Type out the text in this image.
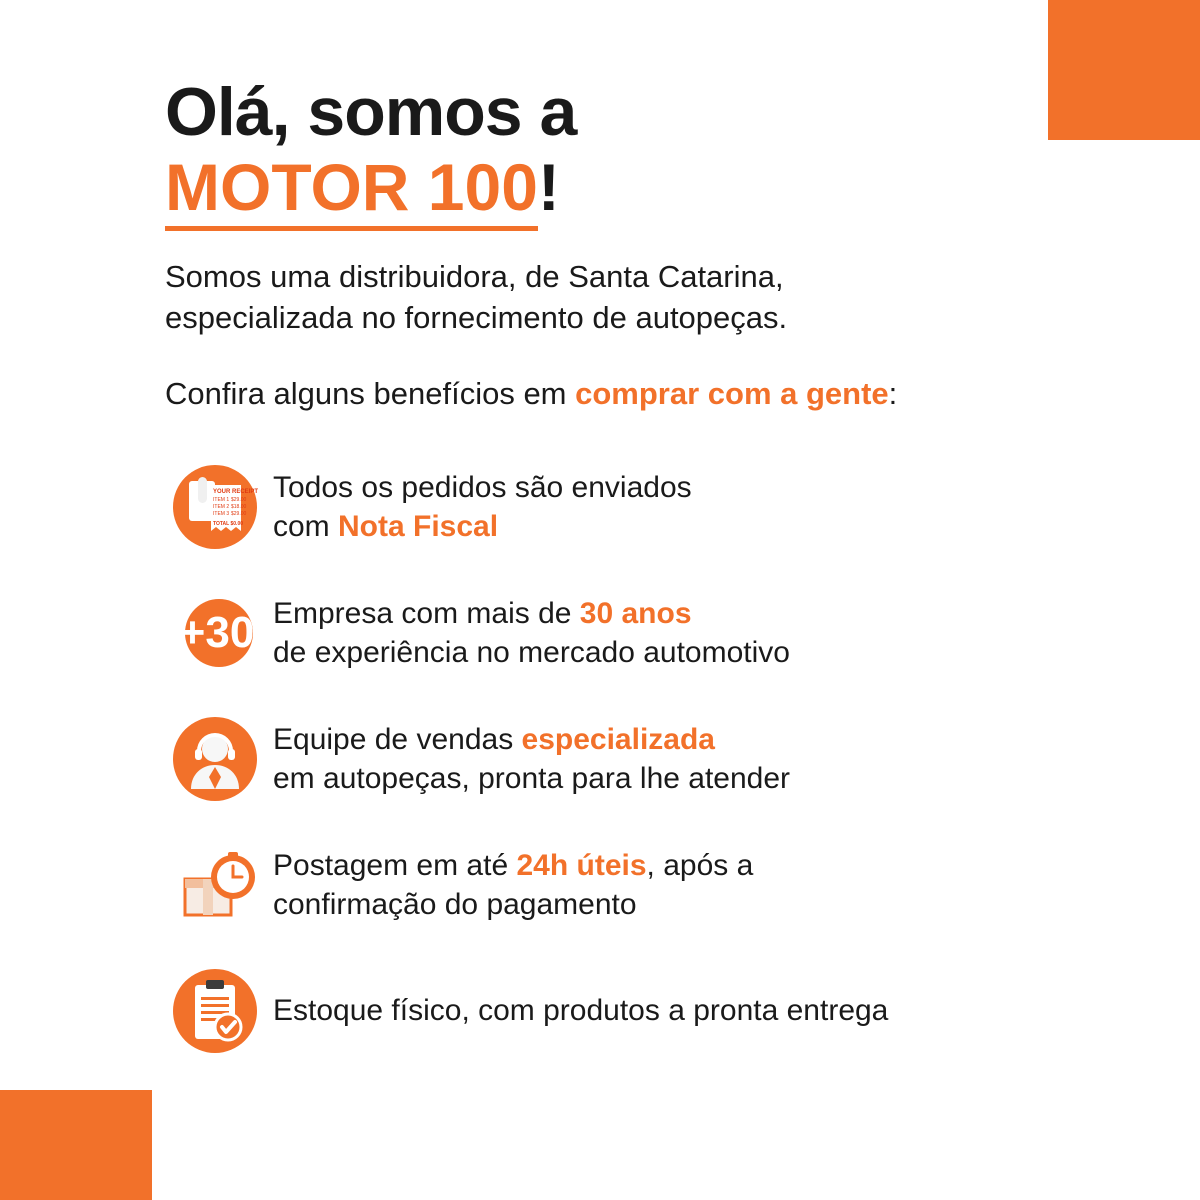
Olá, somos a
MOTOR 100!
Somos uma distribuidora, de Santa Catarina,
especializada no fornecimento de autopeças.
Confira alguns benefícios em comprar com a gente:
YOUR RECEIPT
ITEM 1 $29.00
ITEM 2 $18.00
ITEM 3 $29.00
TOTAL $0.00
Todos os pedidos são enviados
com Nota Fiscal
+30 Empresa com mais de 30 anos
de experiência no mercado automotivo
Equipe de vendas especializada
em autopeças, pronta para lhe atender
Postagem em até 24h úteis, após a
confirmação do pagamento
Estoque físico, com produtos a pronta entrega
